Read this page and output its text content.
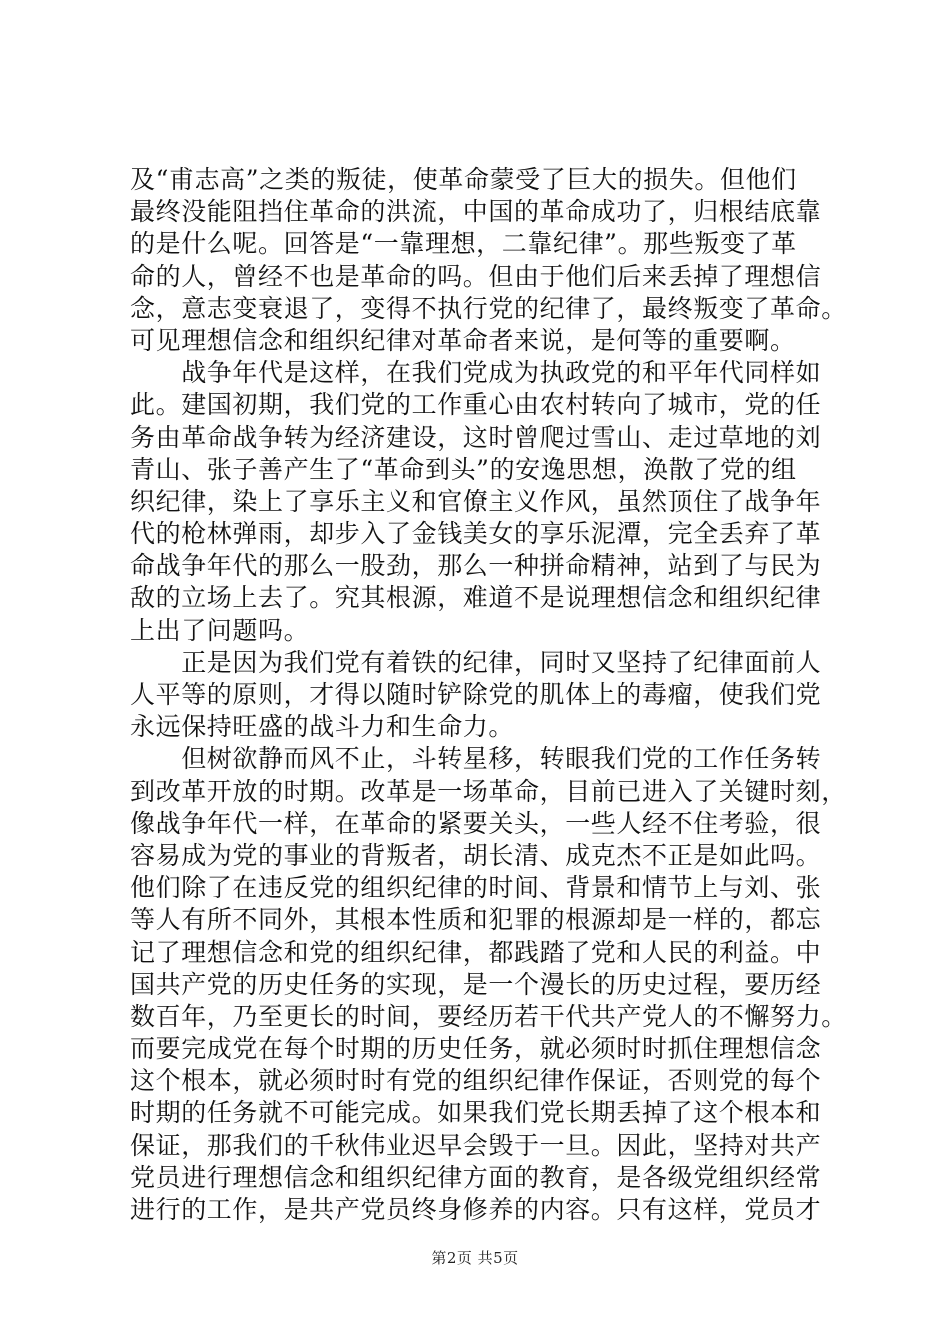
及“甫志高”之类的叛徒，使革命蒙受了巨大的损失。但他们
最终没能阻挡住革命的洪流，中国的革命成功了，归根结底靠
的是什么呢。回答是“一靠理想，二靠纪律”。那些叛变了革
命的人，曾经不也是革命的吗。但由于他们后来丢掉了理想信
念，意志变衰退了，变得不执行党的纪律了，最终叛变了革命。
可见理想信念和组织纪律对革命者来说，是何等的重要啊。
　　战争年代是这样，在我们党成为执政党的和平年代同样如
此。建国初期，我们党的工作重心由农村转向了城市，党的任
务由革命战争转为经济建设，这时曾爬过雪山、走过草地的刘
青山、张子善产生了“革命到头”的安逸思想，涣散了党的组
织纪律，染上了享乐主义和官僚主义作风，虽然顶住了战争年
代的枪林弹雨，却步入了金钱美女的享乐泥潭，完全丢弃了革
命战争年代的那么一股劲，那么一种拼命精神，站到了与民为
敌的立场上去了。究其根源，难道不是说理想信念和组织纪律
上出了问题吗。
　　正是因为我们党有着铁的纪律，同时又坚持了纪律面前人
人平等的原则，才得以随时铲除党的肌体上的毒瘤，使我们党
永远保持旺盛的战斗力和生命力。
　　但树欲静而风不止，斗转星移，转眼我们党的工作任务转
到改革开放的时期。改革是一场革命，目前已进入了关键时刻，
像战争年代一样，在革命的紧要关头，一些人经不住考验，很
容易成为党的事业的背叛者，胡长清、成克杰不正是如此吗。
他们除了在违反党的组织纪律的时间、背景和情节上与刘、张
等人有所不同外，其根本性质和犯罪的根源却是一样的，都忘
记了理想信念和党的组织纪律，都践踏了党和人民的利益。中
国共产党的历史任务的实现，是一个漫长的历史过程，要历经
数百年，乃至更长的时间，要经历若干代共产党人的不懈努力。
而要完成党在每个时期的历史任务，就必须时时抓住理想信念
这个根本，就必须时时有党的组织纪律作保证，否则党的每个
时期的任务就不可能完成。如果我们党长期丢掉了这个根本和
保证，那我们的千秋伟业迟早会毁于一旦。因此，坚持对共产
党员进行理想信念和组织纪律方面的教育，是各级党组织经常
进行的工作，是共产党员终身修养的内容。只有这样，党员才
第2页 共5页
